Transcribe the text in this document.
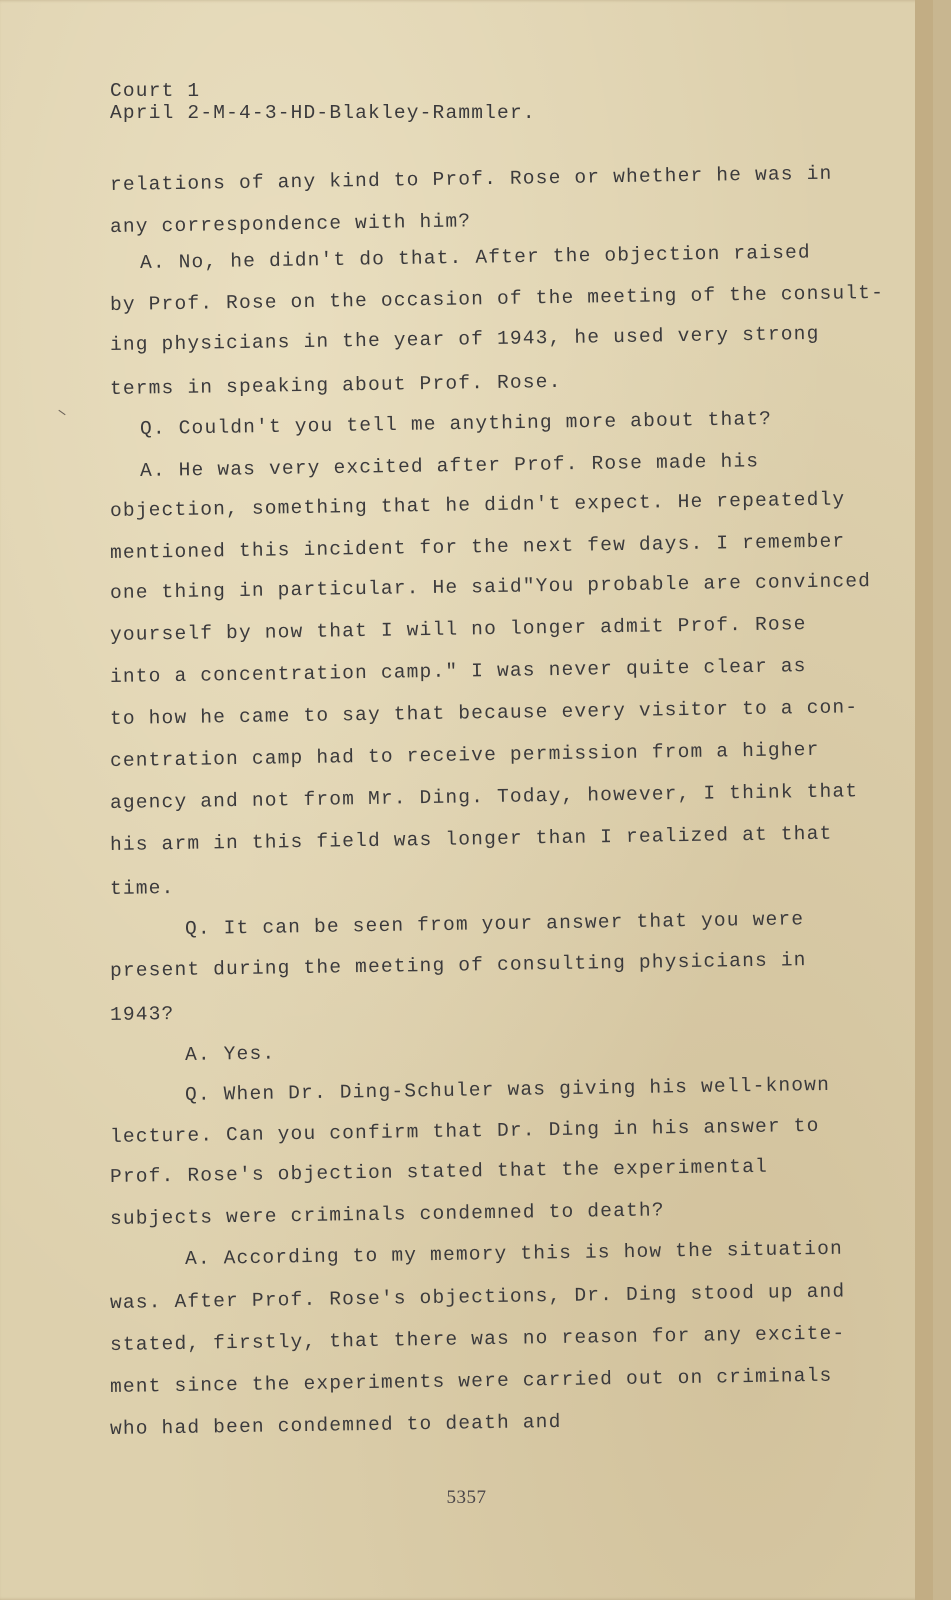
Court 1
April 2-M-4-3-HD-Blakley-Rammler.
relations of any kind to Prof. Rose or whether he was in
any correspondence with him?
A. No, he didn't do that. After the objection raised
by Prof. Rose on the occasion of the meeting of the consult-
ing physicians in the year of 1943, he used very strong
terms in speaking about Prof. Rose.
Q. Couldn't you tell me anything more about that?
A. He was very excited after Prof. Rose made his
objection, something that he didn't expect. He repeatedly
mentioned this incident for the next few days. I remember
one thing in particular. He said"You probable are convinced
yourself by now that I will no longer admit Prof. Rose
into a concentration camp." I was never quite clear as
to how he came to say that because every visitor to a con-
centration camp had to receive permission from a higher
agency and not from Mr. Ding. Today, however, I think that
his arm in this field was longer than I realized at that
time.
Q. It can be seen from your answer that you were
present during the meeting of consulting physicians in
1943?
A. Yes.
Q. When Dr. Ding-Schuler was giving his well-known
lecture. Can you confirm that Dr. Ding in his answer to
Prof. Rose's objection stated that the experimental
subjects were criminals condemned to death?
A. According to my memory this is how the situation
was. After Prof. Rose's objections, Dr. Ding stood up and
stated, firstly, that there was no reason for any excite-
ment since the experiments were carried out on criminals
who had been condemned to death and
5357
